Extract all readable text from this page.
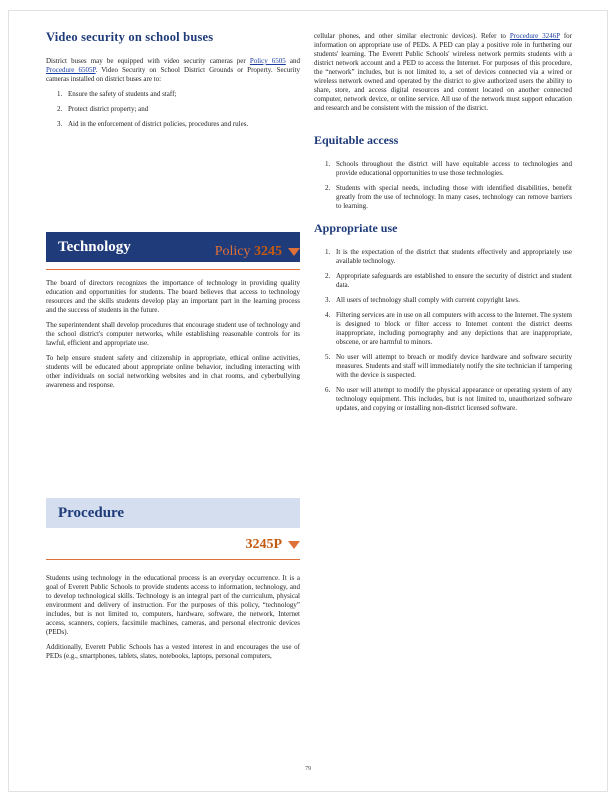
Video security on school buses

District buses may be equipped with video security cameras per Policy 6505 and Procedure 6505P. Video Security on School District Grounds or Property. Security cameras installed on district buses are to:

1. Ensure the safety of students and staff;
2. Protect district property; and
3. Aid in the enforcement of district policies, procedures and rules.
Technology	Policy 3245

The board of directors recognizes the importance of technology in providing quality education and opportunities for students. The board believes that access to technology resources and the skills students develop play an important part in the learning process and the success of students in the future.

The superintendent shall develop procedures that encourage student use of technology and the school district's computer networks, while establishing reasonable controls for its lawful, efficient and appropriate use.

To help ensure student safety and citizenship in appropriate, ethical online activities, students will be educated about appropriate online behavior, including interacting with other individuals on social networking websites and in chat rooms, and cyberbullying awareness and response.

Procedure
3245P

Students using technology in the educational process is an everyday occurrence. It is a goal of Everett Public Schools to provide students access to information, technology, and to develop technological skills. Technology is an integral part of the curriculum, physical environment and delivery of instruction. For the purposes of this policy, “technology” includes, but is not limited to, computers, hardware, software, the network, Internet access, scanners, copiers, facsimile machines, cameras, and personal electronic devices (PEDs).

Additionally, Everett Public Schools has a vested interest in and encourages the use of PEDs (e.g., smartphones, tablets, slates, notebooks, laptops, personal computers,

cellular phones, and other similar electronic devices). Refer to Procedure 3246P for information on appropriate use of PEDs. A PED can play a positive role in furthering our students' learning. The Everett Public Schools' wireless network permits students with a district network account and a PED to access the Internet. For purposes of this procedure, the “network” includes, but is not limited to, a set of devices connected via a wired or wireless network owned and operated by the district to give authorized users the ability to share, store, and access digital resources and content located on another connected computer, network device, or online service. All use of the network must support education and research and be consistent with the mission of the district.

Equitable access
1. Schools throughout the district will have equitable access to technologies and provide educational opportunities to use those technologies.
2. Students with special needs, including those with identified disabilities, benefit greatly from the use of technology. In many cases, technology can remove barriers to learning.
Appropriate use
1. It is the expectation of the district that students effectively and appropriately use available technology.
2. Appropriate safeguards are established to ensure the security of district and student data.
3. All users of technology shall comply with current copyright laws.
4. Filtering services are in use on all computers with access to the Internet. The system is designed to block or filter access to Internet content the district deems inappropriate, including pornography and any depictions that are inappropriate, obscene, or are harmful to minors.
5. No user will attempt to breach or modify device hardware and software security measures. Students and staff will immediately notify the site technician if tampering with the device is suspected.
6. No user will attempt to modify the physical appearance or operating system of any technology equipment. This includes, but is not limited to, unauthorized software updates, and copying or installing non-district licensed software.
79
